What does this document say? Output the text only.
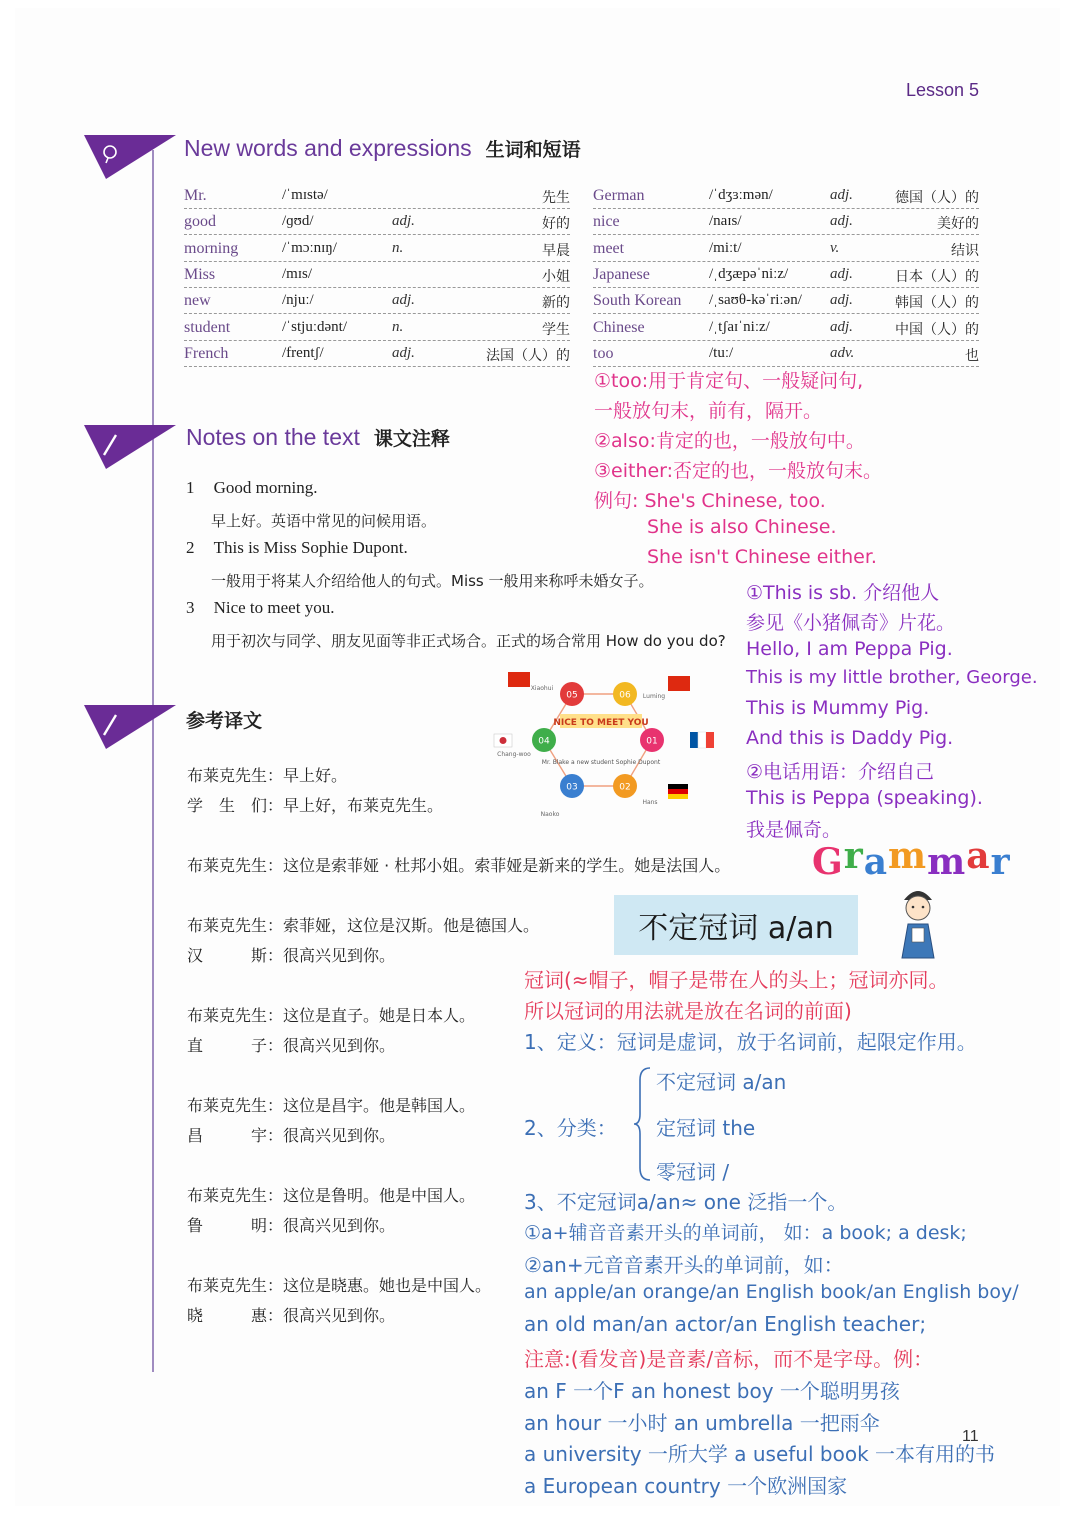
Lesson 5
New words and expressions 生词和短语
Mr.	/ˈmɪstə/	先生
good	/ɡʊd/	adj.	好的
morning	/ˈmɔːnɪŋ/	n.	早晨
Miss	/mɪs/	小姐
new	/njuː/	adj.	新的
student	/ˈstjuːdənt/	n.	学生
French	/frentʃ/	adj.	法国（人）的
German	/ˈdʒɜːmən/	adj.	德国（人）的
nice	/naɪs/	adj.	美好的
meet	/miːt/	v.	结识
Japanese	/ˌdʒæpəˈniːz/	adj.	日本（人）的
South Korean /ˌsaʊθ-kəˈriːən/ adj.	韩国（人）的
Chinese	/ˌtʃaɪˈniːz/	adj.	中国（人）的
too	/tuː/	adv.	也
Notes on the text 课文注释
1 Good morning.
早上好。英语中常见的问候用语。
2 This is Miss Sophie Dupont.
一般用于将某人介绍给他人的句式。Miss 一般用来称呼未婚女子。
3 Nice to meet you.
用于初次与同学、朋友见面等非正式场合。正式的场合常用 How do you do?
参考译文
布莱克先生：早上好。
学　生　们：早上好，布莱克先生。
布莱克先生：这位是索菲娅 · 杜邦小姐。索菲娅是新来的学生。她是法国人。
布莱克先生：索菲娅，这位是汉斯。他是德国人。
汉　　　斯：很高兴见到你。
布莱克先生：这位是直子。她是日本人。
直　　　子：很高兴见到你。
布莱克先生：这位是昌宇。他是韩国人。
昌　　　宇：很高兴见到你。
布莱克先生：这位是鲁明。他是中国人。
鲁　　　明：很高兴见到你。
布莱克先生：这位是晓惠。她也是中国人。
晓　　　惠：很高兴见到你。
NICE TO MEET YOU
Mr. Blake a new student Sophie Dupont
05	06
04	01
03	02
Xiaohui
Luming
Chang-woo
Hans
Naoko
①too:用于肯定句、一般疑问句,
一般放句末，前有，隔开。
②also:肯定的也，一般放句中。
③either:否定的也，一般放句末。
例句: She's Chinese, too.
She is also Chinese.
She isn't Chinese either.
①This is sb. 介绍他人
参见《小猪佩奇》片花。
Hello, I am Peppa Pig.
This is my little brother, George.
This is Mummy Pig.
And this is Daddy Pig.
②电话用语：介绍自己
This is Peppa (speaking).
我是佩奇。
Grammar
不定冠词 a/an
冠词(≈帽子，帽子是带在人的头上；冠词亦同。
所以冠词的用法就是放在名词的前面)
1、定义：冠词是虚词，放于名词前，起限定作用。
2、分类：
不定冠词 a/an
定冠词 the
零冠词 /
3、不定冠词a/an≈ one 泛指一个。
①a+辅音音素开头的单词前， 如：a book; a desk;
②an+元音音素开头的单词前，如：
an apple/an orange/an English book/an English boy/
an old man/an actor/an English teacher;
注意:(看发音)是音素/音标，而不是字母。例：
an F 一个F an honest boy 一个聪明男孩
an hour 一小时 an umbrella 一把雨伞
a university 一所大学 a useful book 一本有用的书
a European country 一个欧洲国家
11
